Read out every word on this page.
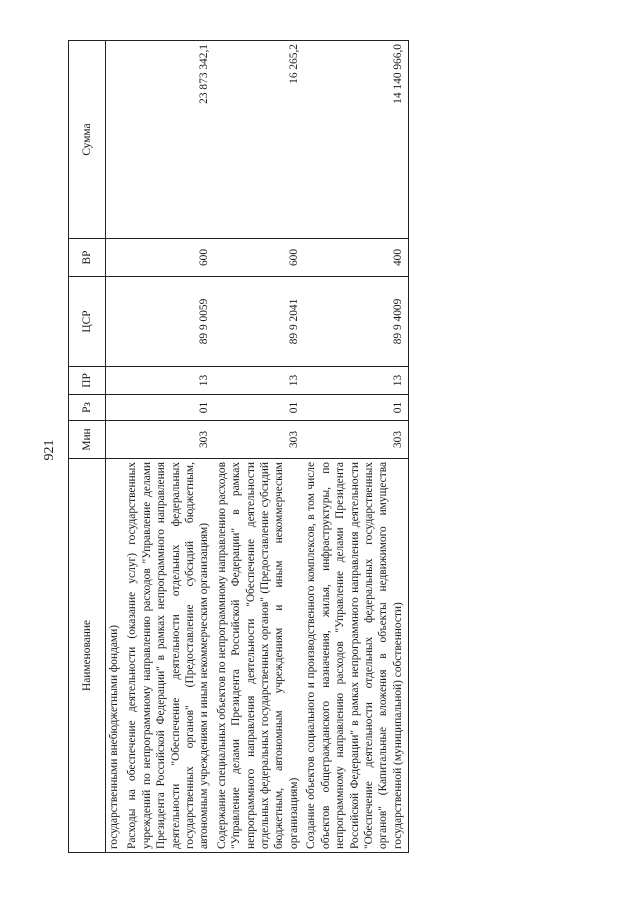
921
Наименование	Мин	Рз	ПР	ЦСР	ВР	Сумма
государственными внебюджетными фондами)						
Расходы на обеспечение деятельности (оказание услуг) государственных учреждений по непрограммному направлению расходов "Управление делами Президента Российской Федерации" в рамках непрограммного направления деятельности "Обеспечение деятельности отдельных федеральных государственных органов" (Предоставление субсидий бюджетным, автономным учреждениям и иным некоммерческим организациям)	303	01	13	89 9 0059	600	23 873 342,1
Содержание специальных объектов по непрограммному направлению расходов "Управление делами Президента Российской Федерации" в рамках непрограммного направления деятельности "Обеспечение деятельности отдельных федеральных государственных органов" (Предоставление субсидий бюджетным, автономным учреждениям и иным некоммерческим организациям)	303	01	13	89 9 2041	600	16 265,2
Создание объектов социального и производственного комплексов, в том числе объектов общегражданского назначения, жилья, инфраструктуры, по непрограммному направлению расходов "Управление делами Президента Российской Федерации" в рамках непрограммного направления деятельности "Обеспечение деятельности отдельных федеральных государственных органов" (Капитальные вложения в объекты недвижимого имущества государственной (муниципальной) собственности)	303	01	13	89 9 4009	400	14 140 966,0
